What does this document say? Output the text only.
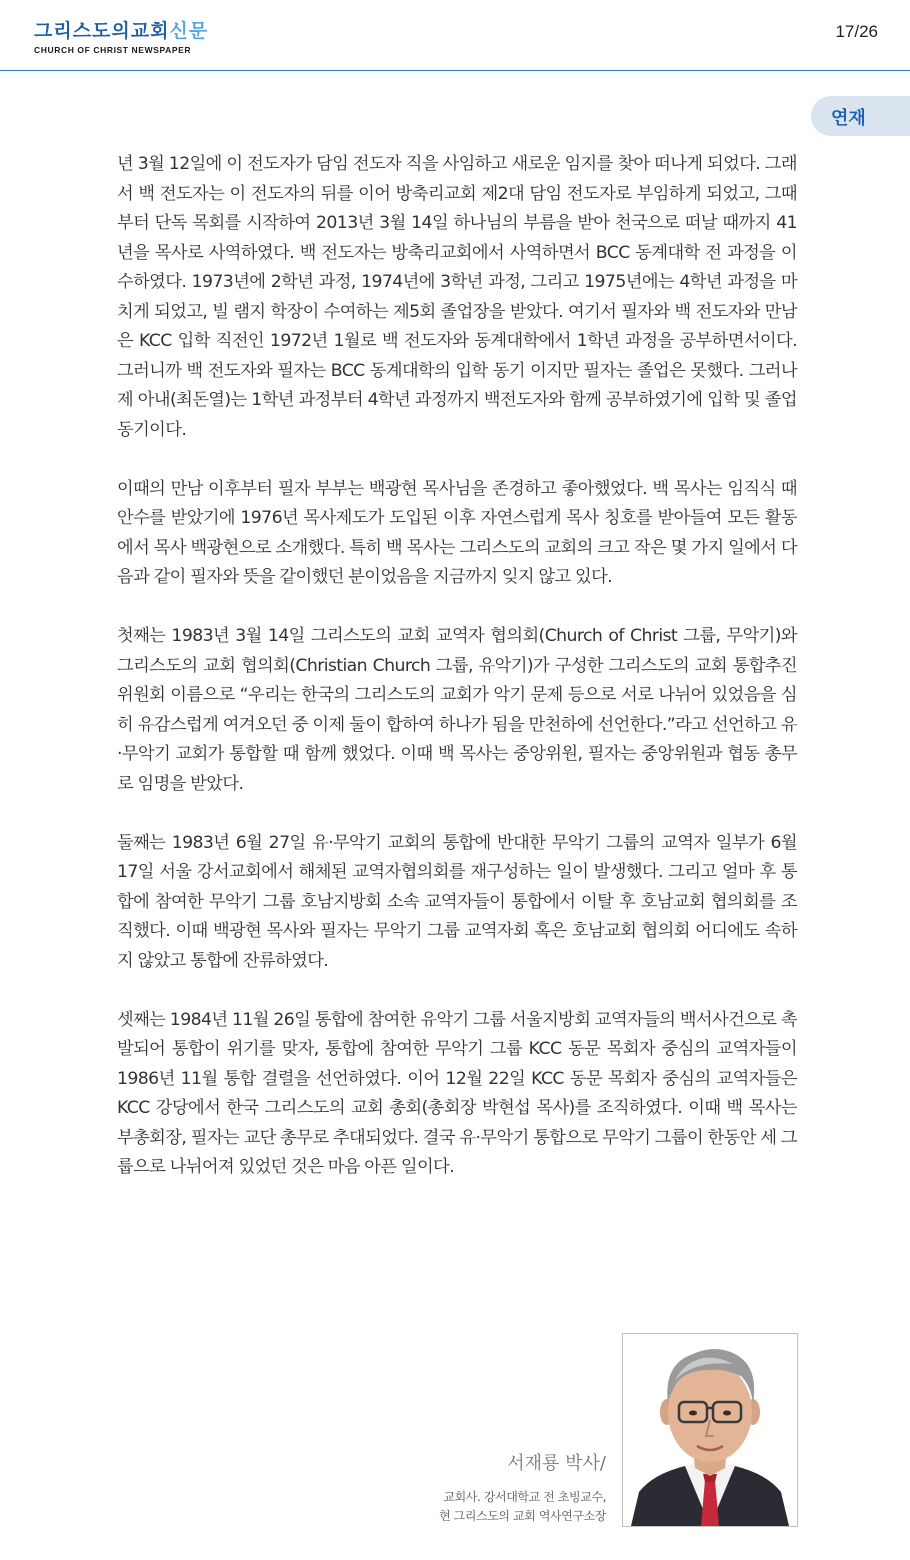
그리스도의교회신문
CHURCH OF CHRIST NEWSPAPER
17/26
연재

년 3월 12일에 이 전도자가 담임 전도자 직을 사임하고 새로운 임지를 찾아 떠나게 되었다. 그래서 백 전도자는 이 전도자의 뒤를 이어 방축리교회 제2대 담임 전도자로 부임하게 되었고, 그때부터 단독 목회를 시작하여 2013년 3월 14일 하나님의 부름을 받아 천국으로 떠날 때까지 41년을 목사로 사역하였다. 백 전도자는 방축리교회에서 사역하면서 BCC 동계대학 전 과정을 이수하였다. 1973년에 2학년 과정, 1974년에 3학년 과정, 그리고 1975년에는 4학년 과정을 마치게 되었고, 빌 램지 학장이 수여하는 제5회 졸업장을 받았다. 여기서 필자와 백 전도자와 만남은 KCC 입학 직전인 1972년 1월로 백 전도자와 동계대학에서 1학년 과정을 공부하면서이다. 그러니까 백 전도자와 필자는 BCC 동계대학의 입학 동기 이지만 필자는 졸업은 못했다. 그러나 제 아내(최돈열)는 1학년 과정부터 4학년 과정까지 백전도자와 함께 공부하였기에 입학 및 졸업 동기이다.

이때의 만남 이후부터 필자 부부는 백광현 목사님을 존경하고 좋아했었다. 백 목사는 임직식 때 안수를 받았기에 1976년 목사제도가 도입된 이후 자연스럽게 목사 칭호를 받아들여 모든 활동에서 목사 백광현으로 소개했다. 특히 백 목사는 그리스도의 교회의 크고 작은 몇 가지 일에서 다음과 같이 필자와 뜻을 같이했던 분이었음을 지금까지 잊지 않고 있다.

첫째는 1983년 3월 14일 그리스도의 교회 교역자 협의회(Church of Christ 그룹, 무악기)와 그리스도의 교회 협의회(Christian Church 그룹, 유악기)가 구성한 그리스도의 교회 통합추진위원회 이름으로 “우리는 한국의 그리스도의 교회가 악기 문제 등으로 서로 나뉘어 있었음을 심히 유감스럽게 여겨오던 중 이제 둘이 합하여 하나가 됨을 만천하에 선언한다.”라고 선언하고 유·무악기 교회가 통합할 때 함께 했었다. 이때 백 목사는 중앙위원, 필자는 중앙위원과 협동 총무로 임명을 받았다.

둘째는 1983년 6월 27일 유·무악기 교회의 통합에 반대한 무악기 그룹의 교역자 일부가 6월 17일 서울 강서교회에서 해체된 교역자협의회를 재구성하는 일이 발생했다. 그리고 얼마 후 통합에 참여한 무악기 그룹 호남지방회 소속 교역자들이 통합에서 이탈 후 호남교회 협의회를 조직했다. 이때 백광현 목사와 필자는 무악기 그룹 교역자회 혹은 호남교회 협의회 어디에도 속하지 않았고 통합에 잔류하였다.

셋째는 1984년 11월 26일 통합에 참여한 유악기 그룹 서울지방회 교역자들의 백서사건으로 촉발되어 통합이 위기를 맞자, 통합에 참여한 무악기 그룹 KCC 동문 목회자 중심의 교역자들이 1986년 11월 통합 결렬을 선언하였다. 이어 12월 22일 KCC 동문 목회자 중심의 교역자들은 KCC 강당에서 한국 그리스도의 교회 총회(총회장 박현섭 목사)를 조직하였다. 이때 백 목사는 부총회장, 필자는 교단 총무로 추대되었다. 결국 유·무악기 통합으로 무악기 그룹이 한동안 세 그룹으로 나뉘어져 있었던 것은 마음 아픈 일이다.

서재룡 박사/
교회사. 강서대학교 전 초빙교수,
현 그리스도의 교회 역사연구소장
